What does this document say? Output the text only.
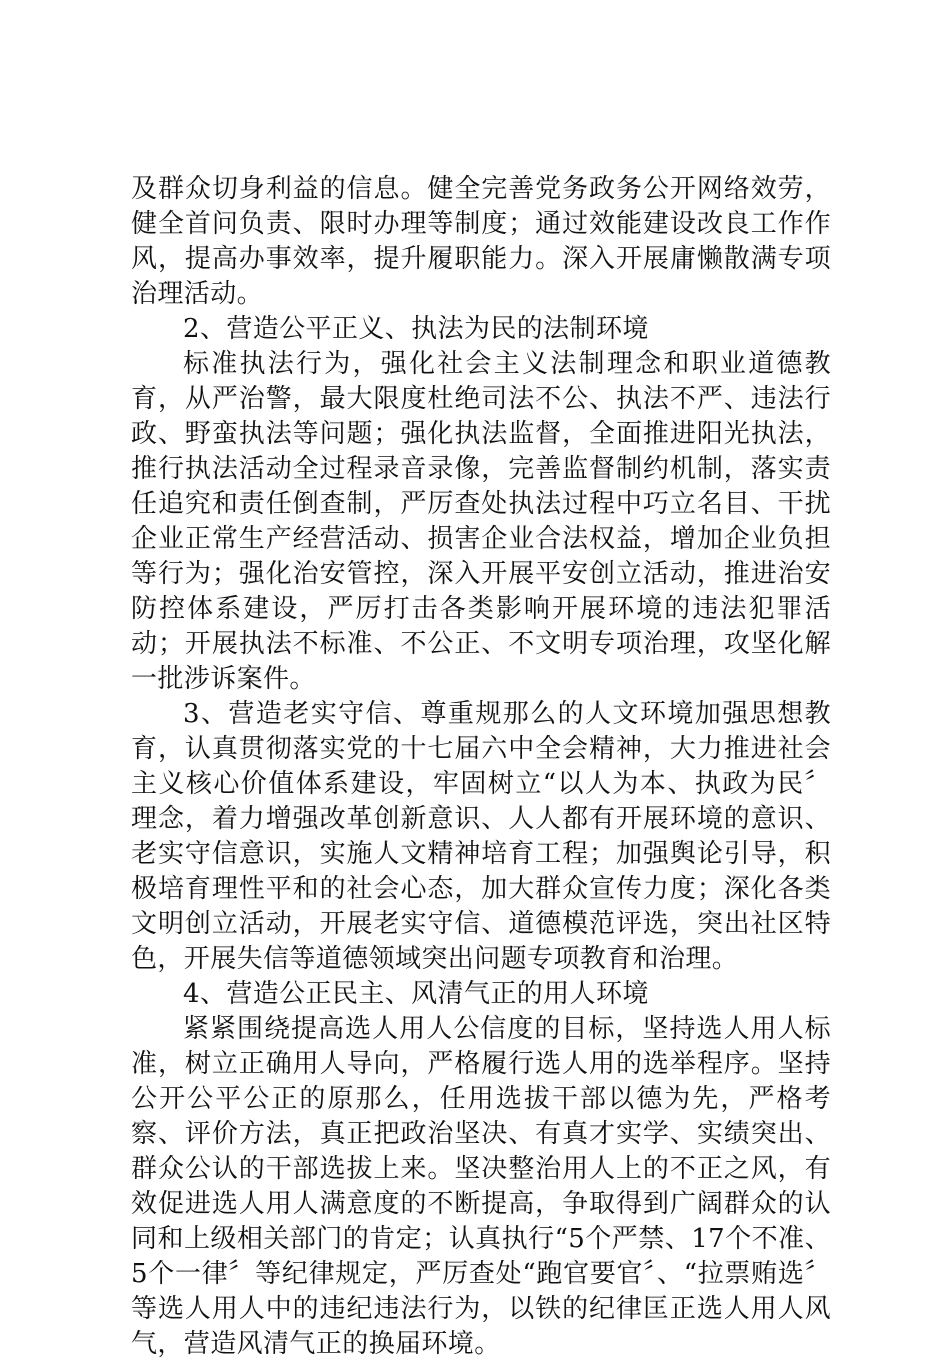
及群众切身利益的信息。健全完善党务政务公开网络效劳，健全首问负责、限时办理等制度；通过效能建设改良工作作风，提高办事效率，提升履职能力。深入开展庸懒散满专项治理活动。

2、营造公平正义、执法为民的法制环境

标准执法行为，强化社会主义法制理念和职业道德教育，从严治警，最大限度杜绝司法不公、执法不严、违法行政、野蛮执法等问题；强化执法监督，全面推进阳光执法，推行执法活动全过程录音录像，完善监督制约机制，落实责任追究和责任倒查制，严厉查处执法过程中巧立名目、干扰企业正常生产经营活动、损害企业合法权益，增加企业负担等行为；强化治安管控，深入开展平安创立活动，推进治安防控体系建设，严厉打击各类影响开展环境的违法犯罪活动；开展执法不标准、不公正、不文明专项治理，攻坚化解一批涉诉案件。

3、营造老实守信、尊重规那么的人文环境加强思想教育，认真贯彻落实党的十七届六中全会精神，大力推进社会主义核心价值体系建设，牢固树立“以人为本、执政为民〞理念，着力增强改革创新意识、人人都有开展环境的意识、老实守信意识，实施人文精神培育工程；加强舆论引导，积极培育理性平和的社会心态，加大群众宣传力度；深化各类文明创立活动，开展老实守信、道德模范评选，突出社区特色，开展失信等道德领域突出问题专项教育和治理。

4、营造公正民主、风清气正的用人环境

紧紧围绕提高选人用人公信度的目标，坚持选人用人标准，树立正确用人导向，严格履行选人用的选举程序。坚持公开公平公正的原那么，任用选拔干部以德为先，严格考察、评价方法，真正把政治坚决、有真才实学、实绩突出、群众公认的干部选拔上来。坚决整治用人上的不正之风，有效促进选人用人满意度的不断提高，争取得到广阔群众的认同和上级相关部门的肯定；认真执行“5个严禁、17个不准、5个一律〞等纪律规定，严厉查处“跑官要官〞、“拉票贿选〞等选人用人中的违纪违法行为，以铁的纪律匡正选人用人风气，营造风清气正的换届环境。
